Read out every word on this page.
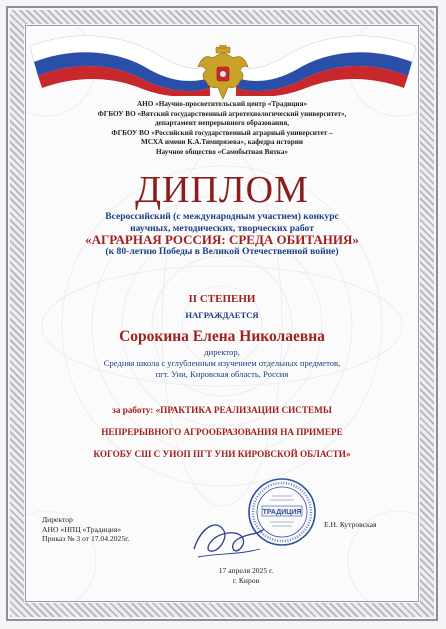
АНО «Научно-просветительский центр «Традиция»
ФГБОУ ВО «Вятский государственный агротехнологический университет»,
департамент непрерывного образования,
ФГБОУ ВО «Российский государственный аграрный университет –
МСХА имени К.А.Тимирязева», кафедра истории
Научное общество «Самобытная Вятка»
ДИПЛОМ
Всероссийский (с международным участием) конкурс
научных, методических, творческих работ
«АГРАРНАЯ РОССИЯ: СРЕДА ОБИТАНИЯ»
(к 80-летию Победы в Великой Отечественной войне)
II СТЕПЕНИ
НАГРАЖДАЕТСЯ
Сорокина Елена Николаевна
директор,
Средняя школа с углубленным изучением отдельных предметов,
пгт. Уни, Кировская область, Россия
за работу: «ПРАКТИКА РЕАЛИЗАЦИИ СИСТЕМЫ
НЕПРЕРЫВНОГО АГРООБРАЗОВАНИЯ НА ПРИМЕРЕ
КОГОБУ СШ С УИОП ПГТ УНИ КИРОВСКОЙ ОБЛАСТИ»
Директор
АНО «НПЦ «Традиция»
Приказ № 3 от 17.04.2025г.
ТРАДИЦИЯ
Е.Н. Кутровская
17 апреля 2025 г.
г. Киров
